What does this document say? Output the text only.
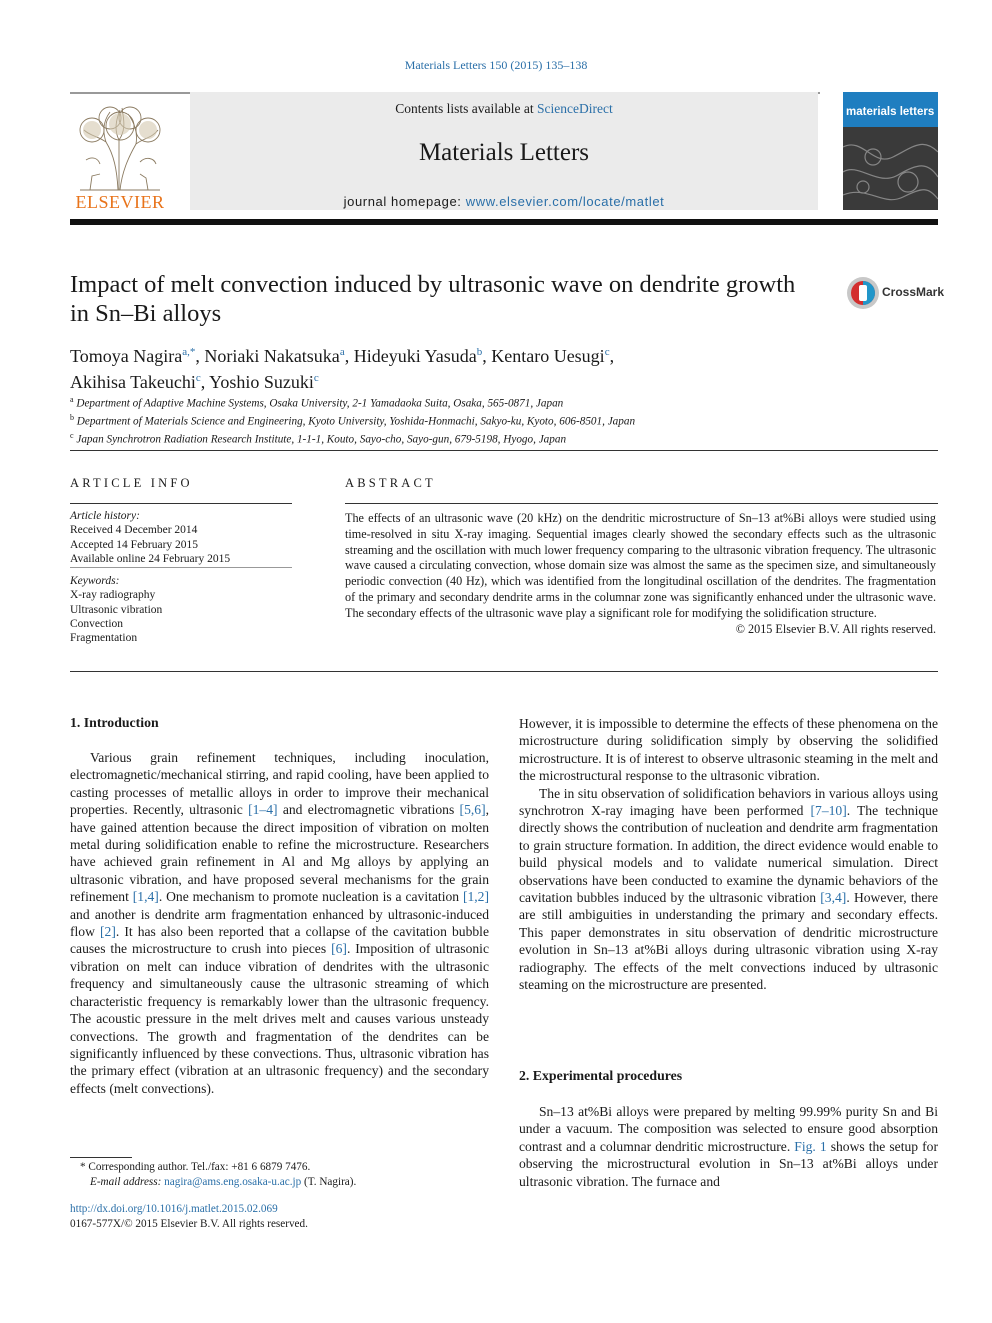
Materials Letters 150 (2015) 135–138
ELSEVIER
Contents lists available at ScienceDirect
Materials Letters
journal homepage: www.elsevier.com/locate/matlet
materials letters
Impact of melt convection induced by ultrasonic wave on dendrite growth in Sn–Bi alloys
CrossMark
Tomoya Nagira$^{a,*}$, Noriaki Nakatsuka$^a$, Hideyuki Yasuda$^b$, Kentaro Uesugi$^c$,
Akihisa Takeuchi$^c$, Yoshio Suzuki$^c$
$^a$ Department of Adaptive Machine Systems, Osaka University, 2-1 Yamadaoka Suita, Osaka, 565-0871, Japan
$^b$ Department of Materials Science and Engineering, Kyoto University, Yoshida-Honmachi, Sakyo-ku, Kyoto, 606-8501, Japan
$^c$ Japan Synchrotron Radiation Research Institute, 1-1-1, Kouto, Sayo-cho, Sayo-gun, 679-5198, Hyogo, Japan
ARTICLE INFO
Article history:
Received 4 December 2014
Accepted 14 February 2015
Available online 24 February 2015
Keywords:
X-ray radiography
Ultrasonic vibration
Convection
Fragmentation
ABSTRACT
The effects of an ultrasonic wave (20 kHz) on the dendritic microstructure of Sn–13 at%Bi alloys were studied using time-resolved in situ X-ray imaging. Sequential images clearly showed the secondary effects such as the ultrasonic streaming and the oscillation with much lower frequency comparing to the ultrasonic vibration frequency. The ultrasonic wave caused a circulating convection, whose domain size was almost the same as the specimen size, and simultaneously periodic convection (40 Hz), which was identified from the longitudinal oscillation of the dendrites. The fragmentation of the primary and secondary dendrite arms in the columnar zone was significantly enhanced under the ultrasonic wave. The secondary effects of the ultrasonic wave play a significant role for modifying the solidification structure.
© 2015 Elsevier B.V. All rights reserved.
1. Introduction

Various grain refinement techniques, including inoculation, electromagnetic/mechanical stirring, and rapid cooling, have been applied to casting processes of metallic alloys in order to improve their mechanical properties. Recently, ultrasonic [1–4] and electromagnetic vibrations [5,6], have gained attention because the direct imposition of vibration on molten metal during solidification enable to refine the microstructure. Researchers have achieved grain refinement in Al and Mg alloys by applying an ultrasonic vibration, and have proposed several mechanisms for the grain refinement [1,4]. One mechanism to promote nucleation is a cavitation [1,2] and another is dendrite arm fragmentation enhanced by ultrasonic-induced flow [2]. It has also been reported that a collapse of the cavitation bubble causes the microstructure to crush into pieces [6]. Imposition of ultrasonic vibration on melt can induce vibration of dendrites with the ultrasonic frequency and simultaneously cause the ultrasonic streaming of which characteristic frequency is remarkably lower than the ultrasonic frequency. The acoustic pressure in the melt drives melt and causes various unsteady convections. The growth and fragmentation of the dendrites can be significantly influenced by these convections. Thus, ultrasonic vibration has the primary effect (vibration at an ultrasonic frequency) and the secondary effects (melt convections).

* Corresponding author. Tel./fax: +81 6 6879 7476.
E-mail address: nagira@ams.eng.osaka-u.ac.jp (T. Nagira).
http://dx.doi.org/10.1016/j.matlet.2015.02.069
0167-577X/© 2015 Elsevier B.V. All rights reserved.

However, it is impossible to determine the effects of these phenomena on the microstructure during solidification simply by observing the solidified microstructure. It is of interest to observe ultrasonic steaming in the melt and the microstructural response to the ultrasonic vibration.

The in situ observation of solidification behaviors in various alloys using synchrotron X-ray imaging have been performed [7–10]. The technique directly shows the contribution of nucleation and dendrite arm fragmentation to grain structure formation. In addition, the direct evidence would enable to build physical models and to validate numerical simulation. Direct observations have been conducted to examine the dynamic behaviors of the cavitation bubbles induced by the ultrasonic vibration [3,4]. However, there are still ambiguities in understanding the primary and secondary effects. This paper demonstrates in situ observation of dendritic microstructure evolution in Sn–13 at%Bi alloys during ultrasonic vibration using X-ray radiography. The effects of the melt convections induced by ultrasonic steaming on the microstructure are presented.

2. Experimental procedures

Sn–13 at%Bi alloys were prepared by melting 99.99% purity Sn and Bi under a vacuum. The composition was selected to ensure good absorption contrast and a columnar dendritic microstructure. Fig. 1 shows the setup for observing the microstructural evolution in Sn–13 at%Bi alloys under ultrasonic vibration. The furnace and
